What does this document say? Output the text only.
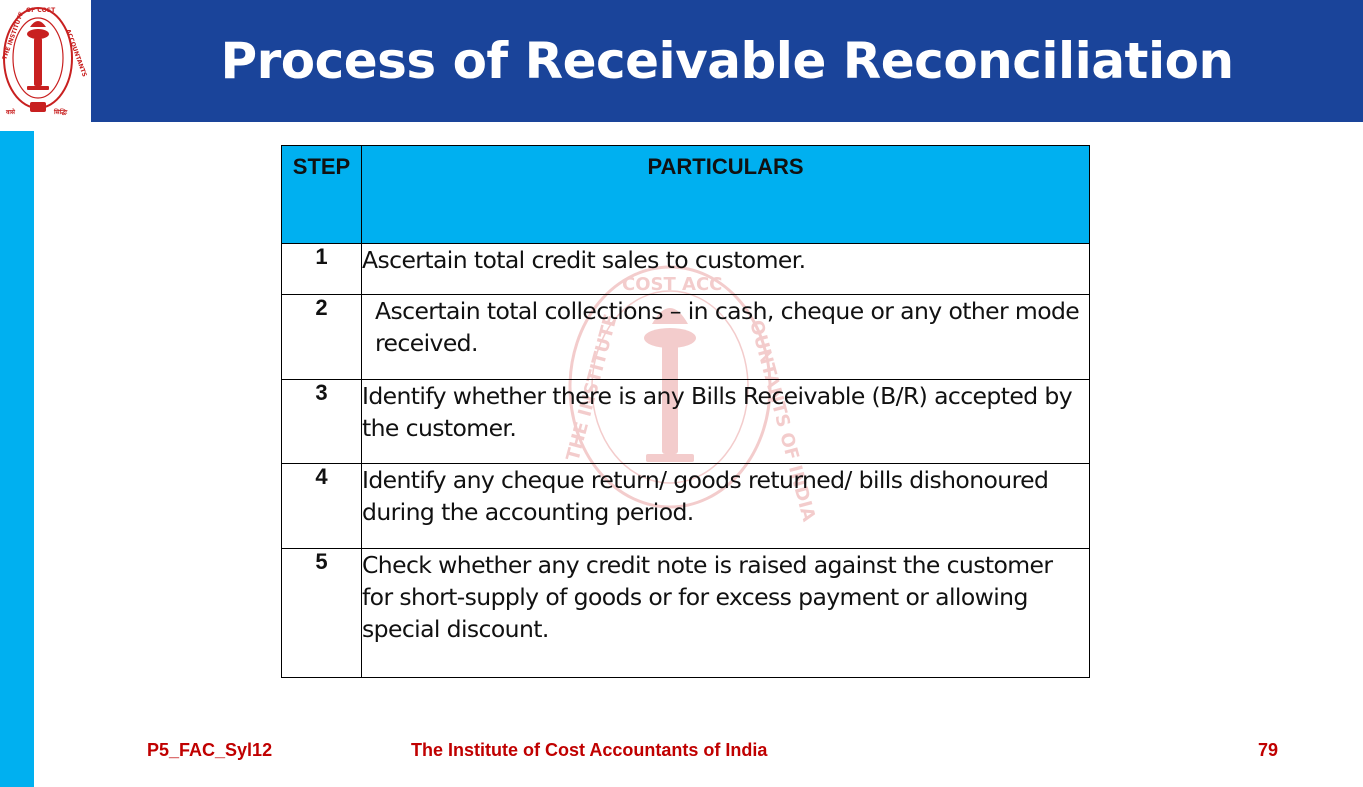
THE INSTITUTE
OF COST
ACCOUNTANTS
वासे	सिद्धिः
Process of Receivable Reconciliation
COST ACC
THE INSTITUTE	OUNTANTS OF INDIA
STEP	PARTICULARS
1	Ascertain total credit sales to customer.
2	Ascertain total collections – in cash, cheque or any other mode received.
3	Identify whether there is any Bills Receivable (B/R) accepted by the customer.
4	Identify any cheque return/ goods returned/ bills dishonoured during the accounting period.
5	Check whether any credit note is raised against the customer for short-supply of goods or for excess payment or allowing special discount.
P5_FAC_Syl12	The Institute of Cost Accountants of India	79
